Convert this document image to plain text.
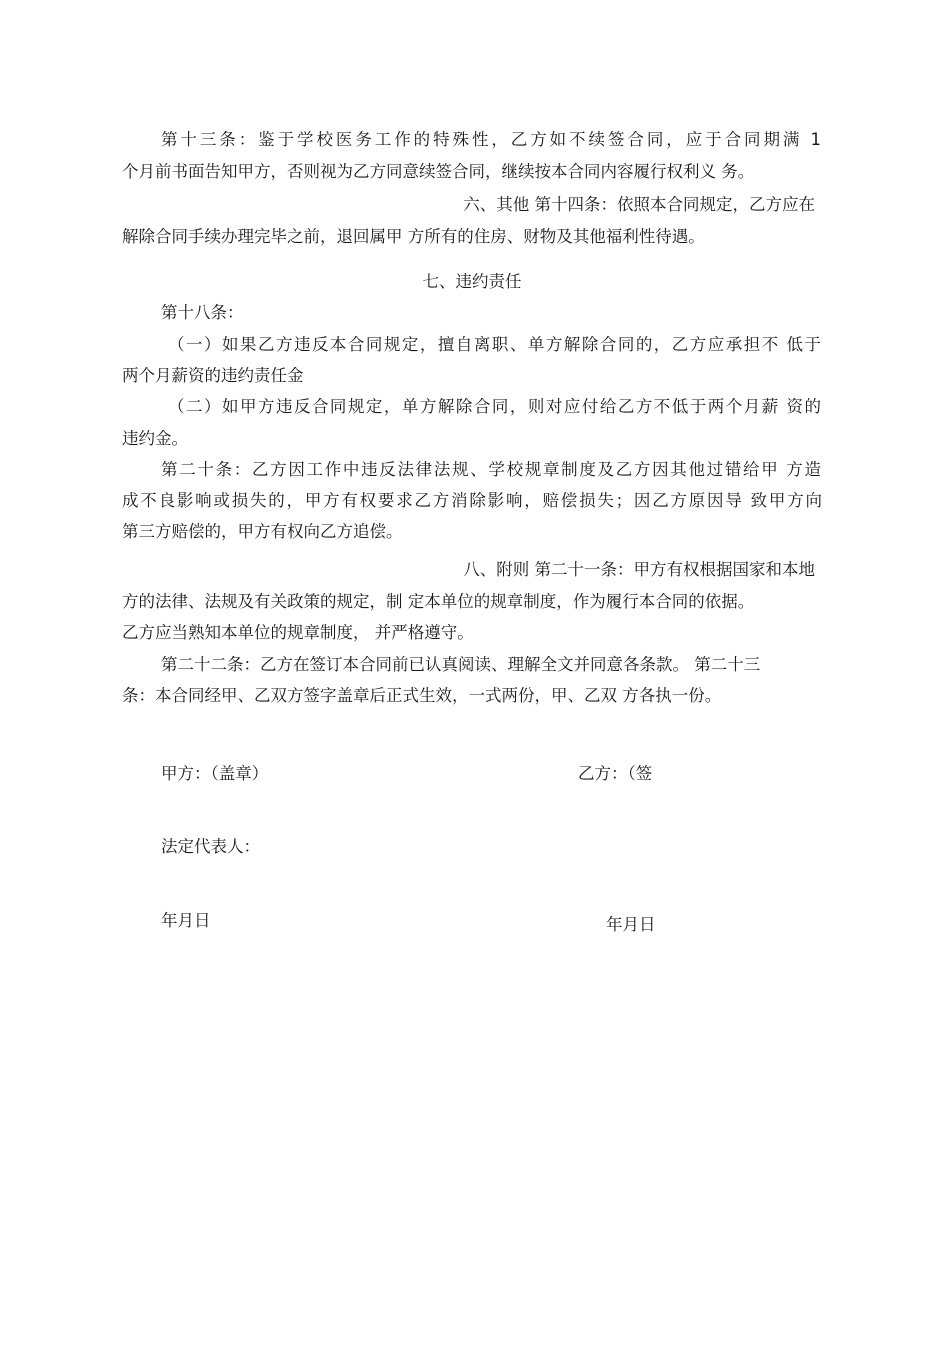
第十三条：鉴于学校医务工作的特殊性，乙方如不续签合同，应于合同期满 1
个月前书面告知甲方，否则视为乙方同意续签合同，继续按本合同内容履行权利义 务。
六、其他 第十四条：依照本合同规定，乙方应在
解除合同手续办理完毕之前，退回属甲 方所有的住房、财物及其他福利性待遇。
七、违约责任
第十八条：
（一）如果乙方违反本合同规定，擅自离职、单方解除合同的，乙方应承担不 低于
两个月薪资的违约责任金
（二）如甲方违反合同规定，单方解除合同，则对应付给乙方不低于两个月薪 资的
违约金。
第二十条：乙方因工作中违反法律法规、学校规章制度及乙方因其他过错给甲 方造
成不良影响或损失的，甲方有权要求乙方消除影响，赔偿损失；因乙方原因导 致甲方向
第三方赔偿的，甲方有权向乙方追偿。
八、附则 第二十一条：甲方有权根据国家和本地
方的法律、法规及有关政策的规定，制 定本单位的规章制度，作为履行本合同的依据。
乙方应当熟知本单位的规章制度， 并严格遵守。
第二十二条：乙方在签订本合同前已认真阅读、理解全文并同意各条款。 第二十三
条：本合同经甲、乙双方签字盖章后正式生效，一式两份，甲、乙双 方各执一份。
甲方：（盖章）	乙方：（签
法定代表人：
年月日	年月日
